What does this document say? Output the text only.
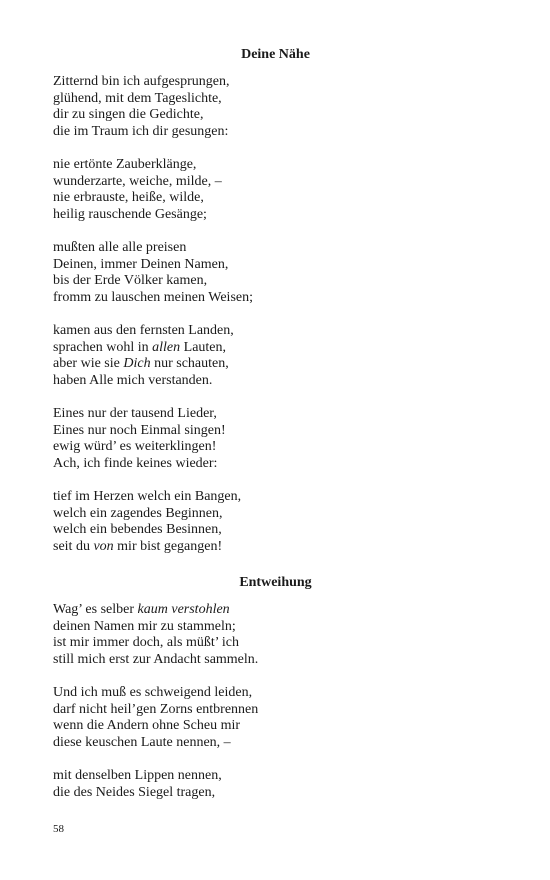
Deine Nähe
Zitternd bin ich aufgesprungen,
glühend, mit dem Tageslichte,
dir zu singen die Gedichte,
die im Traum ich dir gesungen:
nie ertönte Zauberklänge,
wunderzarte, weiche, milde, –
nie erbrauste, heiße, wilde,
heilig rauschende Gesänge;
mußten alle alle preisen
Deinen, immer Deinen Namen,
bis der Erde Völker kamen,
fromm zu lauschen meinen Weisen;
kamen aus den fernsten Landen,
sprachen wohl in allen Lauten,
aber wie sie Dich nur schauten,
haben Alle mich verstanden.
Eines nur der tausend Lieder,
Eines nur noch Einmal singen!
ewig würd’ es weiterklingen!
Ach, ich finde keines wieder:
tief im Herzen welch ein Bangen,
welch ein zagendes Beginnen,
welch ein bebendes Besinnen,
seit du von mir bist gegangen!
Entweihung
Wag’ es selber kaum verstohlen
deinen Namen mir zu stammeln;
ist mir immer doch, als müßt’ ich
still mich erst zur Andacht sammeln.
Und ich muß es schweigend leiden,
darf nicht heil’gen Zorns entbrennen
wenn die Andern ohne Scheu mir
diese keuschen Laute nennen, –
mit denselben Lippen nennen,
die des Neides Siegel tragen,
58
